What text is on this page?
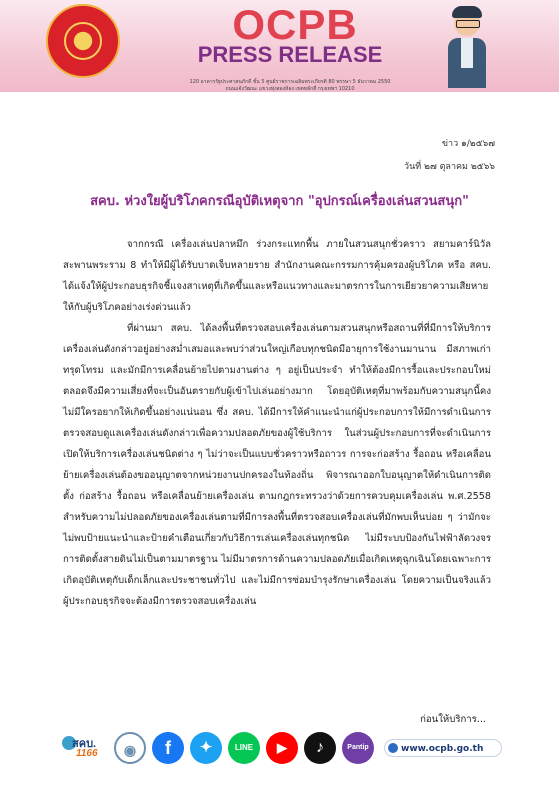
OCPB
PRESS RELEASE
120 อาคารรัฐประศาสนภักดี ชั้น 5 ศูนย์ราชการเฉลิมพระเกียรติ 80 พรรษา 5 ธันวาคม 2550
ถนนแจ้งวัฒนะ แขวงทุ่งสองห้อง เขตหลักสี่ กรุงเทพฯ 10210
ข่าว ๑/๒๕๖๗
วันที่ ๒๗ ตุลาคม ๒๕๖๖
สคบ. ห่วงใยผู้บริโภคกรณีอุบัติเหตุจาก "อุปกรณ์เครื่องเล่นสวนสนุก"
จากกรณี เครื่องเล่นปลาหมึก ร่วงกระแทกพื้น ภายในสวนสนุกชั่วคราว สยามคาร์นิวัล สะพานพระราม 8 ทำให้มีผู้ได้รับบาดเจ็บหลายราย สำนักงานคณะกรรมการคุ้มครองผู้บริโภค หรือ สคบ. ได้แจ้งให้ผู้ประกอบธุรกิจชี้แจงสาเหตุที่เกิดขึ้นและหรือแนวทางและมาตรการในการเยียวยาความเสียหายให้กับผู้บริโภคอย่างเร่งด่วนแล้ว
ที่ผ่านมา สคบ. ได้ลงพื้นที่ตรวจสอบเครื่องเล่นตามสวนสนุกหรือสถานที่ที่มีการให้บริการเครื่องเล่นดังกล่าวอยู่อย่างสม่ำเสมอและพบว่าส่วนใหญ่เกือบทุกชนิดมีอายุการใช้งานมานาน มีสภาพเก่าทรุดโทรม และมักมีการเคลื่อนย้ายไปตามงานต่าง ๆ อยู่เป็นประจำ ทำให้ต้องมีการรื้อและประกอบใหม่ตลอดจึงมีความเสี่ยงที่จะเป็นอันตรายกับผู้เข้าไปเล่นอย่างมาก โดยอุบัติเหตุที่มาพร้อมกับความสนุกนี้คงไม่มีใครอยากให้เกิดขึ้นอย่างแน่นอน ซึ่ง สคบ. ได้มีการให้คำแนะนำแก่ผู้ประกอบการให้มีการดำเนินการตรวจสอบดูแลเครื่องเล่นดังกล่าวเพื่อความปลอดภัยของผู้ใช้บริการ ในส่วนผู้ประกอบการที่จะดำเนินการเปิดให้บริการเครื่องเล่นชนิดต่าง ๆ ไม่ว่าจะเป็นแบบชั่วคราวหรือถาวร การจะก่อสร้าง รื้อถอน หรือเคลื่อนย้ายเครื่องเล่นต้องขออนุญาตจากหน่วยงานปกครองในท้องถิ่น พิจารณาออกใบอนุญาตให้ดำเนินการติดตั้ง ก่อสร้าง รื้อถอน หรือเคลื่อนย้ายเครื่องเล่น ตามกฎกระทรวงว่าด้วยการควบคุมเครื่องเล่น พ.ศ.2558 สำหรับความไม่ปลอดภัยของเครื่องเล่นตามที่มีการลงพื้นที่ตรวจสอบเครื่องเล่นที่มักพบเห็นบ่อย ๆ ว่ามักจะไม่พบป้ายแนะนำและป้ายคำเตือนเกี่ยวกับวิธีการเล่นเครื่องเล่นทุกชนิด ไม่มีระบบป้องกันไฟฟ้าลัดวงจร การติดตั้งสายดินไม่เป็นตามมาตรฐาน ไม่มีมาตรการด้านความปลอดภัยเมื่อเกิดเหตุฉุกเฉินโดยเฉพาะการเกิดอุบัติเหตุกับเด็กเล็กและประชาชนทั่วไป และไม่มีการซ่อมบำรุงรักษาเครื่องเล่น โดยความเป็นจริงแล้วผู้ประกอบธุรกิจจะต้องมีการตรวจสอบเครื่องเล่น
ก่อนให้บริการ...
สคบ.
1166	◉	f	✦	LINE	▶	♪	Pantip	www.ocpb.go.th
